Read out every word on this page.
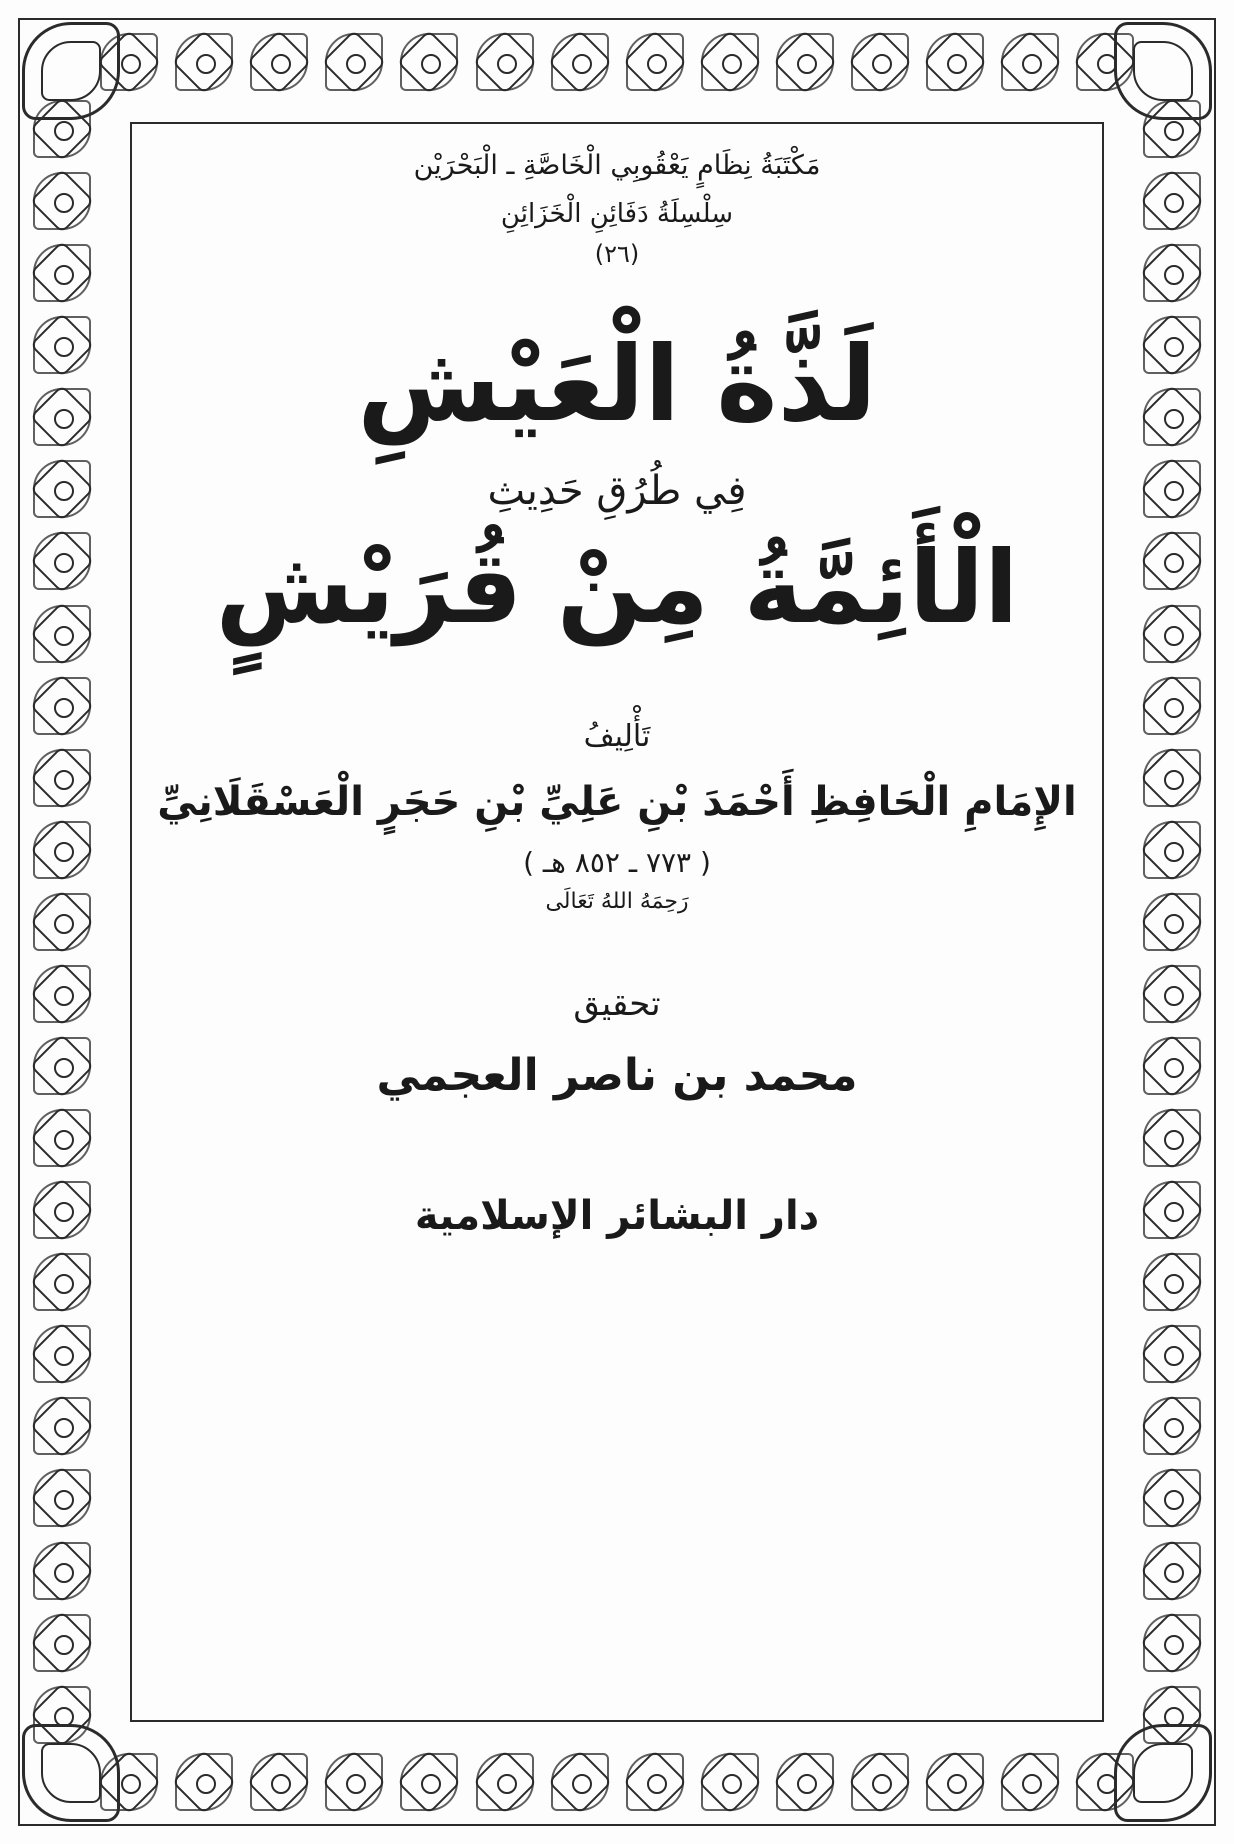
مَكْتَبَةُ نِظَامٍ يَعْقُوبِي الْخَاصَّةِ ـ الْبَحْرَيْن
سِلْسِلَةُ دَفَائِنِ الْخَزَائِنِ
(٢٦)
لَذَّةُ الْعَيْشِ
فِي طُرُقِ حَدِيثِ
الْأَئِمَّةُ مِنْ قُرَيْشٍ
تَأْلِيفُ
الإِمَامِ الْحَافِظِ أَحْمَدَ بْنِ عَلِيِّ بْنِ حَجَرٍ الْعَسْقَلَانِيِّ
( ٧٧٣ ـ ٨٥٢ هـ )
رَحِمَهُ اللهُ تَعَالَى
تحقيق
محمد بن ناصر العجمي
دار البشائر الإسلامية
